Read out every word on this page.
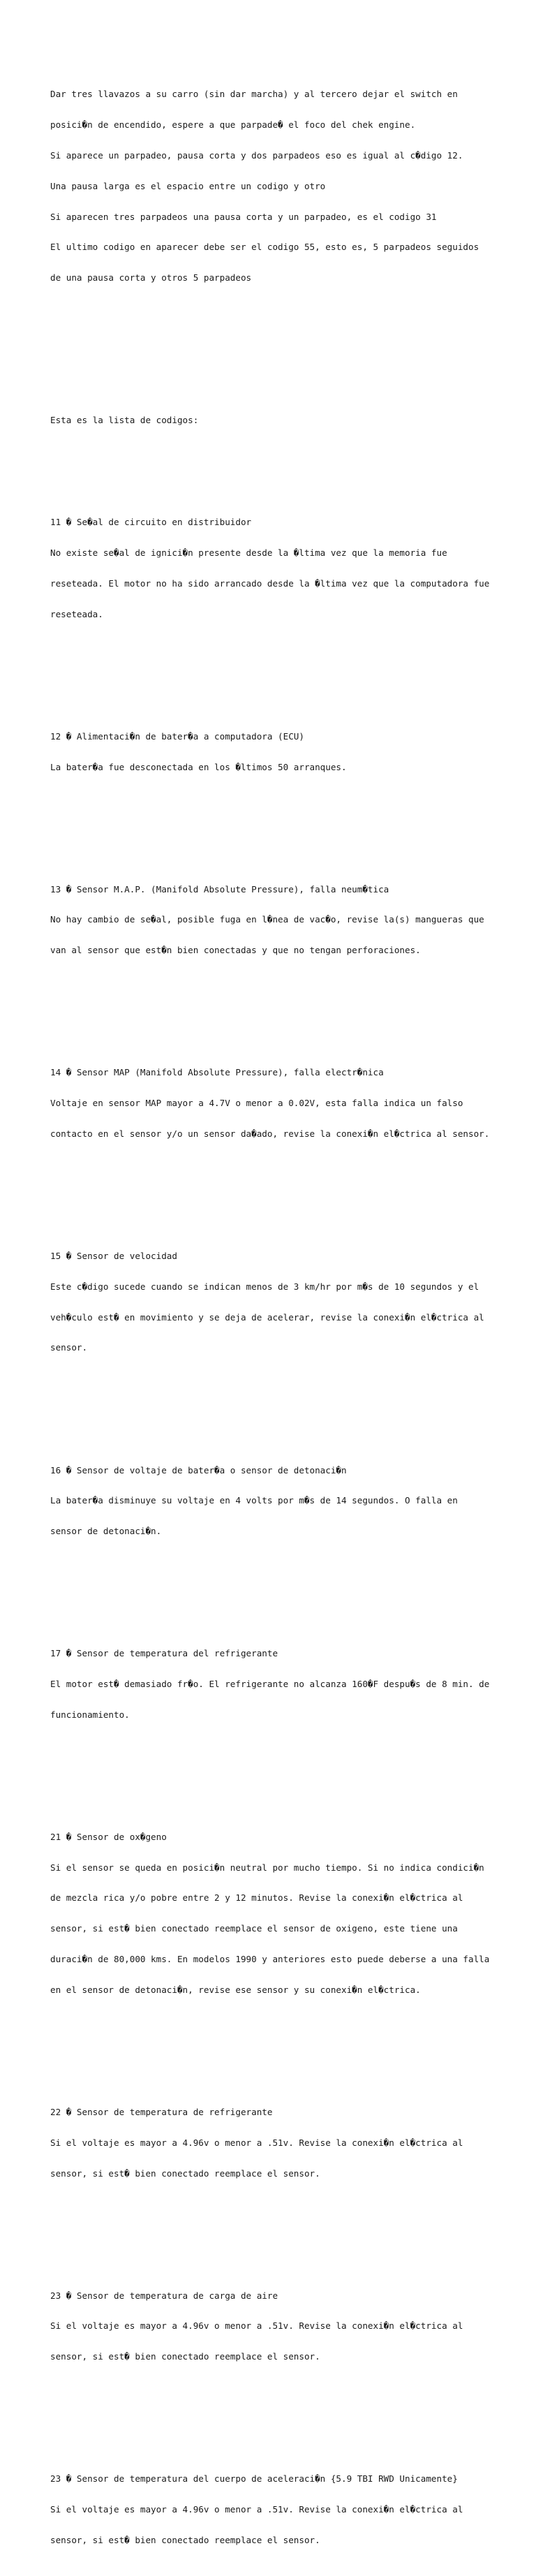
Dar tres llavazos a su carro (sin dar marcha) y al tercero dejar el switch en

posici�n de encendido, espere a que parpade� el foco del chek engine.

Si aparece un parpadeo, pausa corta y dos parpadeos eso es igual al c�digo 12.

Una pausa larga es el espacio entre un codigo y otro

Si aparecen tres parpadeos una pausa corta y un parpadeo, es el codigo 31

El ultimo codigo en aparecer debe ser el codigo 55, esto es, 5 parpadeos seguidos

de una pausa corta y otros 5 parpadeos

Esta es la lista de codigos:

11 � Se�al de circuito en distribuidor

No existe se�al de ignici�n presente desde la �ltima vez que la memoria fue

reseteada. El motor no ha sido arrancado desde la �ltima vez que la computadora fue

reseteada.

12 � Alimentaci�n de bater�a a computadora (ECU)

La bater�a fue desconectada en los �ltimos 50 arranques.

13 � Sensor M.A.P. (Manifold Absolute Pressure), falla neum�tica

No hay cambio de se�al, posible fuga en l�nea de vac�o, revise la(s) mangueras que

van al sensor que est�n bien conectadas y que no tengan perforaciones.

14 � Sensor MAP (Manifold Absolute Pressure), falla electr�nica

Voltaje en sensor MAP mayor a 4.7V o menor a 0.02V, esta falla indica un falso

contacto en el sensor y/o un sensor da�ado, revise la conexi�n el�ctrica al sensor.

15 � Sensor de velocidad

Este c�digo sucede cuando se indican menos de 3 km/hr por m�s de 10 segundos y el

veh�culo est� en movimiento y se deja de acelerar, revise la conexi�n el�ctrica al

sensor.

16 � Sensor de voltaje de bater�a o sensor de detonaci�n

La bater�a disminuye su voltaje en 4 volts por m�s de 14 segundos. O falla en

sensor de detonaci�n.

17 � Sensor de temperatura del refrigerante

El motor est� demasiado fr�o. El refrigerante no alcanza 160�F despu�s de 8 min. de

funcionamiento.

21 � Sensor de ox�geno

Si el sensor se queda en posici�n neutral por mucho tiempo. Si no indica condici�n

de mezcla rica y/o pobre entre 2 y 12 minutos. Revise la conexi�n el�ctrica al

sensor, si est� bien conectado reemplace el sensor de oxigeno, este tiene una

duraci�n de 80,000 kms. En modelos 1990 y anteriores esto puede deberse a una falla

en el sensor de detonaci�n, revise ese sensor y su conexi�n el�ctrica.

22 � Sensor de temperatura de refrigerante

Si el voltaje es mayor a 4.96v o menor a .51v. Revise la conexi�n el�ctrica al

sensor, si est� bien conectado reemplace el sensor.

23 � Sensor de temperatura de carga de aire

Si el voltaje es mayor a 4.96v o menor a .51v. Revise la conexi�n el�ctrica al

sensor, si est� bien conectado reemplace el sensor.

23 � Sensor de temperatura del cuerpo de aceleraci�n {5.9 TBI RWD Unicamente}

Si el voltaje es mayor a 4.96v o menor a .51v. Revise la conexi�n el�ctrica al

sensor, si est� bien conectado reemplace el sensor.
